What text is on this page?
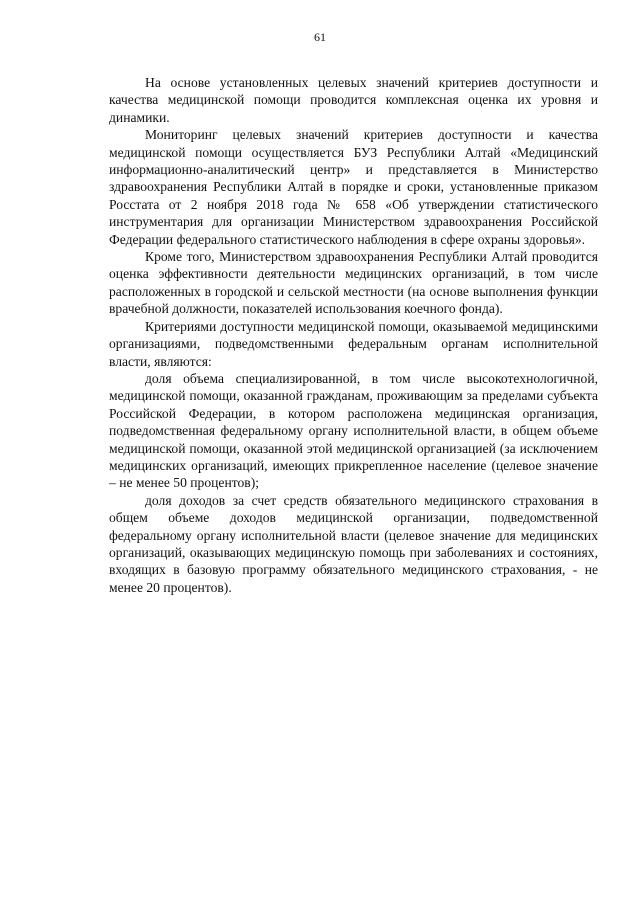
61

На основе установленных целевых значений критериев доступности и качества медицинской помощи проводится комплексная оценка их уровня и динамики.

Мониторинг целевых значений критериев доступности и качества медицинской помощи осуществляется БУЗ Республики Алтай «Медицинский информационно-аналитический центр» и представляется в Министерство здравоохранения Республики Алтай в порядке и сроки, установленные приказом Росстата от 2 ноября 2018 года № 658 «Об утверждении статистического инструментария для организации Министерством здравоохранения Российской Федерации федерального статистического наблюдения в сфере охраны здоровья».

Кроме того, Министерством здравоохранения Республики Алтай проводится оценка эффективности деятельности медицинских организаций, в том числе расположенных в городской и сельской местности (на основе выполнения функции врачебной должности, показателей использования коечного фонда).

Критериями доступности медицинской помощи, оказываемой медицинскими организациями, подведомственными федеральным органам исполнительной власти, являются:

доля объема специализированной, в том числе высокотехнологичной, медицинской помощи, оказанной гражданам, проживающим за пределами субъекта Российской Федерации, в котором расположена медицинская организация, подведомственная федеральному органу исполнительной власти, в общем объеме медицинской помощи, оказанной этой медицинской организацией (за исключением медицинских организаций, имеющих прикрепленное население (целевое значение – не менее 50 процентов);

доля доходов за счет средств обязательного медицинского страхования в общем объеме доходов медицинской организации, подведомственной федеральному органу исполнительной власти (целевое значение для медицинских организаций, оказывающих медицинскую помощь при заболеваниях и состояниях, входящих в базовую программу обязательного медицинского страхования, - не менее 20 процентов).
